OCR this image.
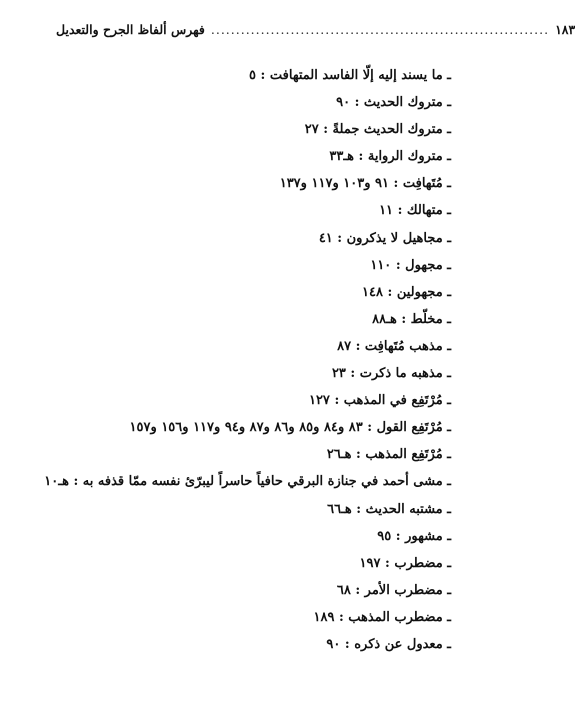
فهرس ألفاظ الجرح والتعديل .................................................................... ١٨٣
ـ ما يسند إليه إلّا الفاسد المتهافت : ٥
ـ متروك الحديث : ٩٠
ـ متروك الحديث جملةً : ٢٧
ـ متروك الرواية : هـ٣٣
ـ مُتَهافِت : ٩١ و١٠٣ و١١٧ و١٣٧
ـ متهالك : ١١
ـ مجاهيل لا يذكرون : ٤١
ـ مجهول : ١١٠
ـ مجهولين : ١٤٨
ـ مخلّط : هـ٨٨
ـ مذهب مُتَهافِت : ٨٧
ـ مذهبه ما ذكرت : ٢٣
ـ مُرْتَفِع في المذهب : ١٢٧
ـ مُرْتَفِع القول : ٨٣ و٨٤ و٨٥ و٨٦ و٨٧ و٩٤ و١١٧ و١٥٦ و١٥٧
ـ مُرْتَفِع المذهب : هـ٢٦
ـ مشى أحمد في جنازة البرقي حافياً حاسراً ليبرّئ نفسه ممّا قذفه به : هـ١٠
ـ مشتبه الحديث : هـ٦٦
ـ مشهور : ٩٥
ـ مضطرب : ١٩٧
ـ مضطرب الأمر : ٦٨
ـ مضطرب المذهب : ١٨٩
ـ معدول عن ذكره : ٩٠
